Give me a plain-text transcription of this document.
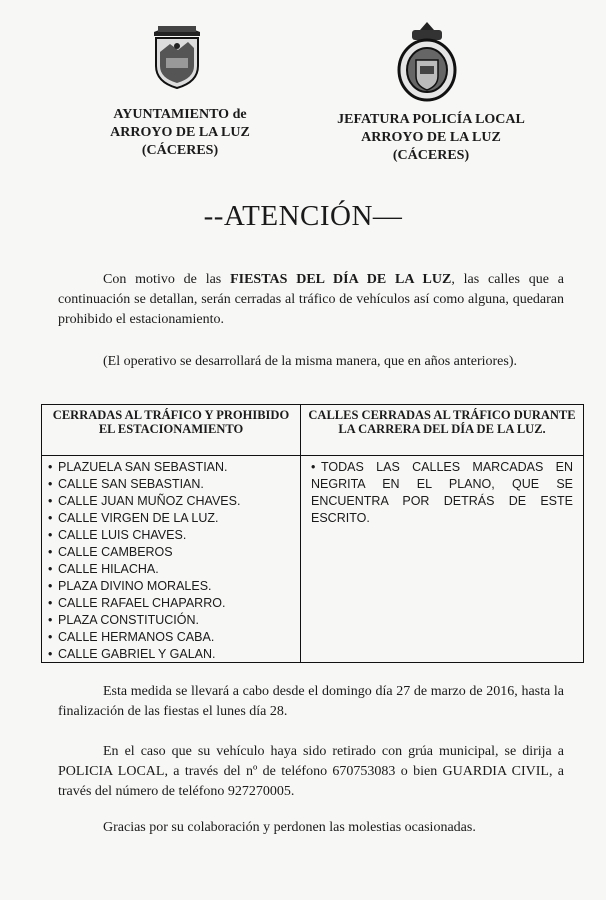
AYUNTAMIENTO de
ARROYO DE LA LUZ
(CÁCERES)
JEFATURA POLICÍA LOCAL
ARROYO DE LA LUZ
(CÁCERES)
--ATENCIÓN—
Con motivo de las FIESTAS DEL DÍA DE LA LUZ, las calles que a continuación se detallan, serán cerradas al tráfico de vehículos así como alguna, quedaran prohibido el estacionamiento.
(El operativo se desarrollará de la misma manera, que en años anteriores).
CERRADAS AL TRÁFICO Y PROHIBIDO EL ESTACIONAMIENTO
• PLAZUELA SAN SEBASTIAN.
• CALLE SAN SEBASTIAN.
• CALLE JUAN MUÑOZ CHAVES.
• CALLE VIRGEN DE LA LUZ.
• CALLE LUIS CHAVES.
• CALLE CAMBEROS
• CALLE HILACHA.
• PLAZA DIVINO MORALES.
• CALLE RAFAEL CHAPARRO.
• PLAZA CONSTITUCIÓN.
• CALLE HERMANOS CABA.
• CALLE GABRIEL Y GALAN.
CALLES CERRADAS AL TRÁFICO DURANTE LA CARRERA DEL DÍA DE LA LUZ.
• TODAS LAS CALLES MARCADAS EN NEGRITA EN EL PLANO, QUE SE ENCUENTRA POR DETRÁS DE ESTE ESCRITO.
Esta medida se llevará a cabo desde el domingo día 27 de marzo de 2016, hasta la finalización de las fiestas el lunes día 28.
En el caso que su vehículo haya sido retirado con grúa municipal, se dirija a POLICIA LOCAL, a través del nº de teléfono 670753083 o bien GUARDIA CIVIL, a través del número de teléfono 927270005.
Gracias por su colaboración y perdonen las molestias ocasionadas.
